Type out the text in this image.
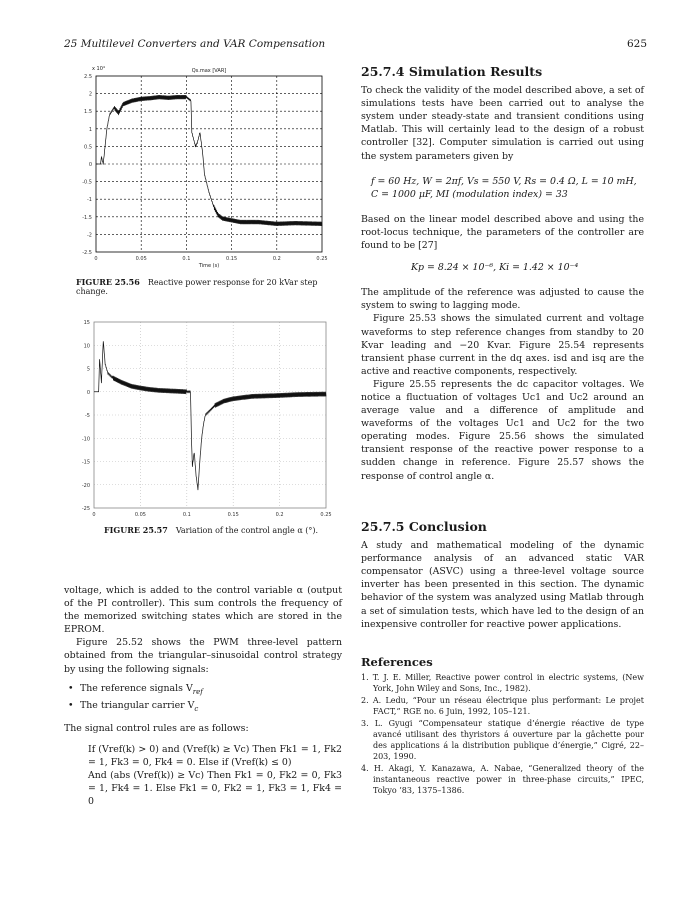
25 Multilevel Converters and VAR Compensation	625
2.5
2
1.5
1
0.5
0
-0.5
-1
-1.5
-2
-2.5
0	0.05	0.1	0.15	0.2	0.25
Qs.max [VAR]
x 10⁴
Time (s)
FIGURE 25.56 Reactive power response for 20 kVar step change.
15
10
5
0
-5
-10
-15
-20
-25
0	0.05	0.1	0.15	0.2	0.25
FIGURE 25.57 Variation of the control angle α (°).

voltage, which is added to the control variable α (output of the PI controller). This sum controls the frequency of the memorized switching states which are stored in the EPROM.

Figure 25.52 shows the PWM three-level pattern obtained from the triangular–sinusoidal control strategy by using the following signals:

• The reference signals $V_{ref}$
• The triangular carrier $V_c$

The signal control rules are as follows:

If (Vref(k) > 0) and (Vref(k) ≥ Vc) Then Fk1 = 1, Fk2 = 1, Fk3 = 0, Fk4 = 0. Else if (Vref(k) ≤ 0)

And (abs (Vref(k)) ≥ Vc) Then Fk1 = 0, Fk2 = 0, Fk3 = 1, Fk4 = 1. Else Fk1 = 0, Fk2 = 1, Fk3 = 1, Fk4 = 0

25.7.4 Simulation Results

To check the validity of the model described above, a set of simulations tests have been carried out to analyse the system under steady-state and transient conditions using Matlab. This will certainly lead to the design of a robust controller [32]. Computer simulation is carried out using the system parameters given by

f = 60 Hz, W = 2πf, Vs = 550 V, Rs = 0.4 Ω, L = 10 mH,

C = 1000 μF, MI (modulation index) = 33

Based on the linear model described above and using the root-locus technique, the parameters of the controller are found to be [27]

Kp = 8.24 × 10⁻⁶, Ki = 1.42 × 10⁻⁴

The amplitude of the reference was adjusted to cause the system to swing to lagging mode.

Figure 25.53 shows the simulated current and voltage waveforms to step reference changes from standby to 20 Kvar leading and −20 Kvar. Figure 25.54 represents transient phase current in the dq axes. isd and isq are the active and reactive components, respectively.

Figure 25.55 represents the dc capacitor voltages. We notice a fluctuation of voltages Uc1 and Uc2 around an average value and a difference of amplitude and waveforms of the voltages Uc1 and Uc2 for the two operating modes. Figure 25.56 shows the simulated transient response of the reactive power response to a sudden change in reference. Figure 25.57 shows the response of control angle α.

25.7.5 Conclusion

A study and mathematical modeling of the dynamic performance analysis of an advanced static VAR compensator (ASVC) using a three-level voltage source inverter has been presented in this section. The dynamic behavior of the system was analyzed using Matlab through a set of simulation tests, which have led to the design of an inexpensive controller for reactive power applications.

References
1. T. J. E. Miller, Reactive power control in electric systems, (New York, John Wiley and Sons, Inc., 1982).
2. A. Ledu, “Pour un réseau électrique plus performant: Le projet FACT,” RGE no. 6 Juin, 1992, 105–121.
3. L. Gyugi “Compensateur statique d’énergie réactive de type avancé utilisant des thyristors á ouverture par la gâchette pour des applications á la distribution publique d’énergie,” Cigré, 22–203, 1990.
4. H. Akagi, Y. Kanazawa, A. Nabae, “Generalized theory of the instantaneous reactive power in three-phase circuits,” IPEC, Tokyo ’83, 1375–1386.
